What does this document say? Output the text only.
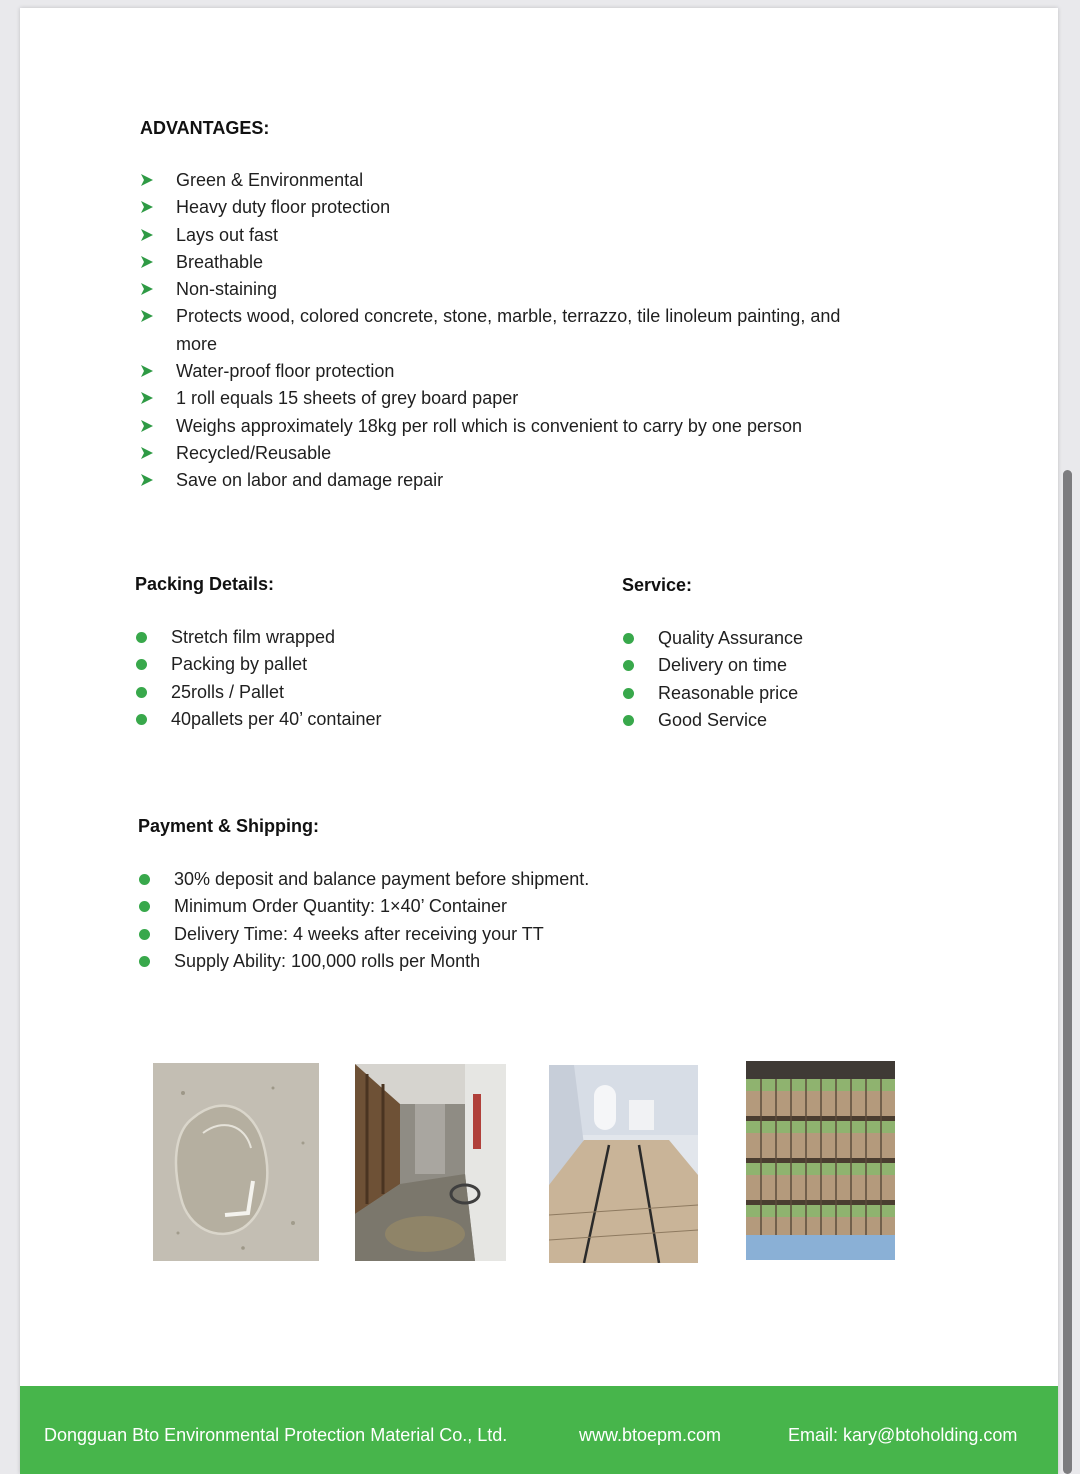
ADVANTAGES:
Green & Environmental
Heavy duty floor protection
Lays out fast
Breathable
Non-staining
Protects wood, colored concrete, stone, marble, terrazzo, tile linoleum painting, and more
Water-proof floor protection
1 roll equals 15 sheets of grey board paper
Weighs approximately 18kg per roll which is convenient to carry by one person
Recycled/Reusable
Save on labor and damage repair
Packing Details:
Stretch film wrapped
Packing by pallet
25rolls / Pallet
40pallets per 40’ container
Service:
Quality Assurance
Delivery on time
Reasonable price
Good Service
Payment & Shipping:
30% deposit and balance payment before shipment.
Minimum Order Quantity: 1×40’ Container
Delivery Time: 4 weeks after receiving your TT
Supply Ability: 100,000 rolls per Month
Dongguan Bto Environmental Protection Material Co., Ltd.	www.btoepm.com	Email: kary@btoholding.com
